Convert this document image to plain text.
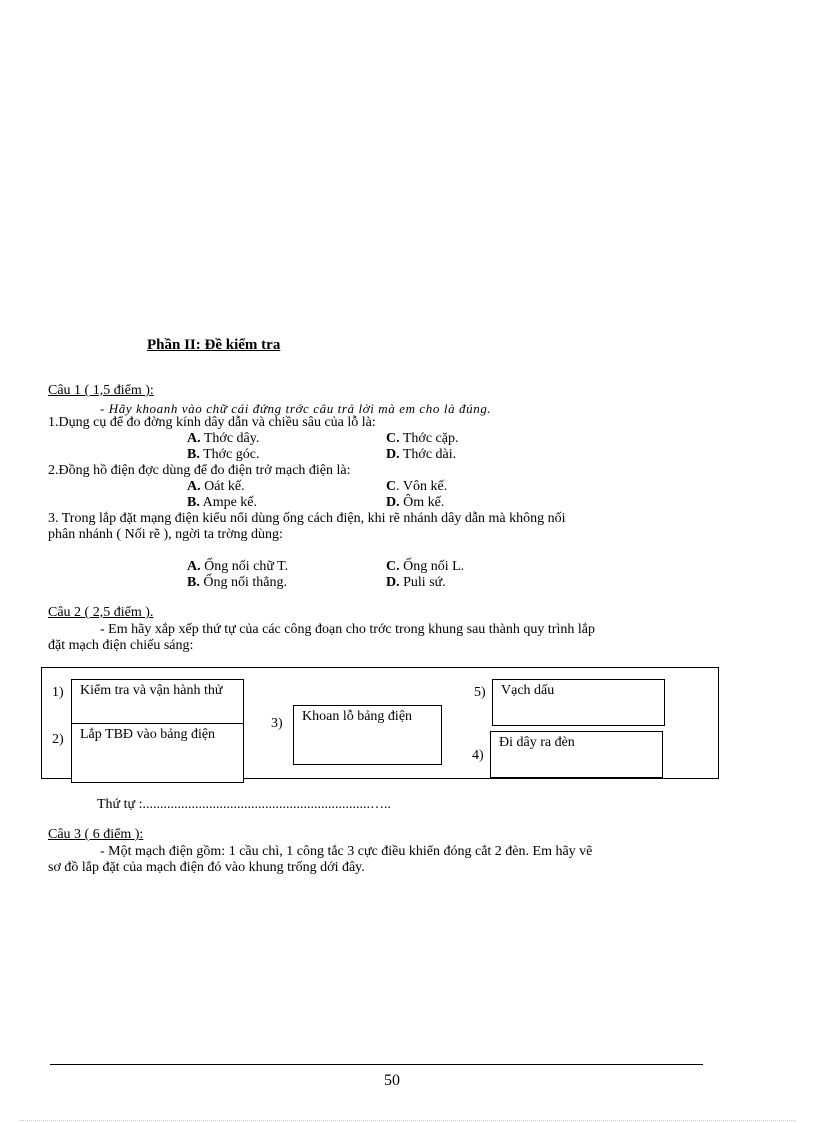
Phần II: Đề kiểm tra
Câu 1 ( 1,5 điểm ):
- Hãy khoanh vào chữ cái đứng trớc câu trả lời mà em cho là đúng.
1.Dụng cụ để đo đờng kính dây dẫn và chiều sâu của lỗ là:
A. Thớc dây.	C. Thớc cặp.
B. Thớc góc.	D. Thớc dài.
2.Đồng hồ điện đợc dùng để đo điện trở mạch điện là:
A. Oát kế.	C. Vôn kế.
B. Ampe kế.	D. Ôm kế.
3. Trong lắp đặt mạng điện kiểu nổi dùng ống cách điện, khi rẽ nhánh dây dẫn mà không nối
phân nhánh ( Nối rẽ ), ngời ta trờng dùng:
A. Ống nối chữ T.	C. Ống nối L.
B. Ống nối thẳng.	D. Puli sứ.
Câu 2 ( 2,5 điểm ).
- Em hãy xắp xếp thứ tự của các công đoạn cho trớc trong khung sau thành quy trình lắp
đặt mạch điện chiếu sáng:
1)	Kiểm tra và vận hành thử
2)	Lắp TBĐ vào bảng điện
3)	Khoan lỗ bảng điện
4)
Đi dây ra đèn
5)	Vạch dấu
Thứ tự :.................................................................…..
Câu 3 ( 6 điểm ):
- Một mạch điện gồm: 1 cầu chì, 1 công tắc 3 cực điều khiển đóng cắt 2 đèn. Em hãy vẽ
sơ đồ lắp đặt của mạch điện đó vào khung trống dới đây.
50
